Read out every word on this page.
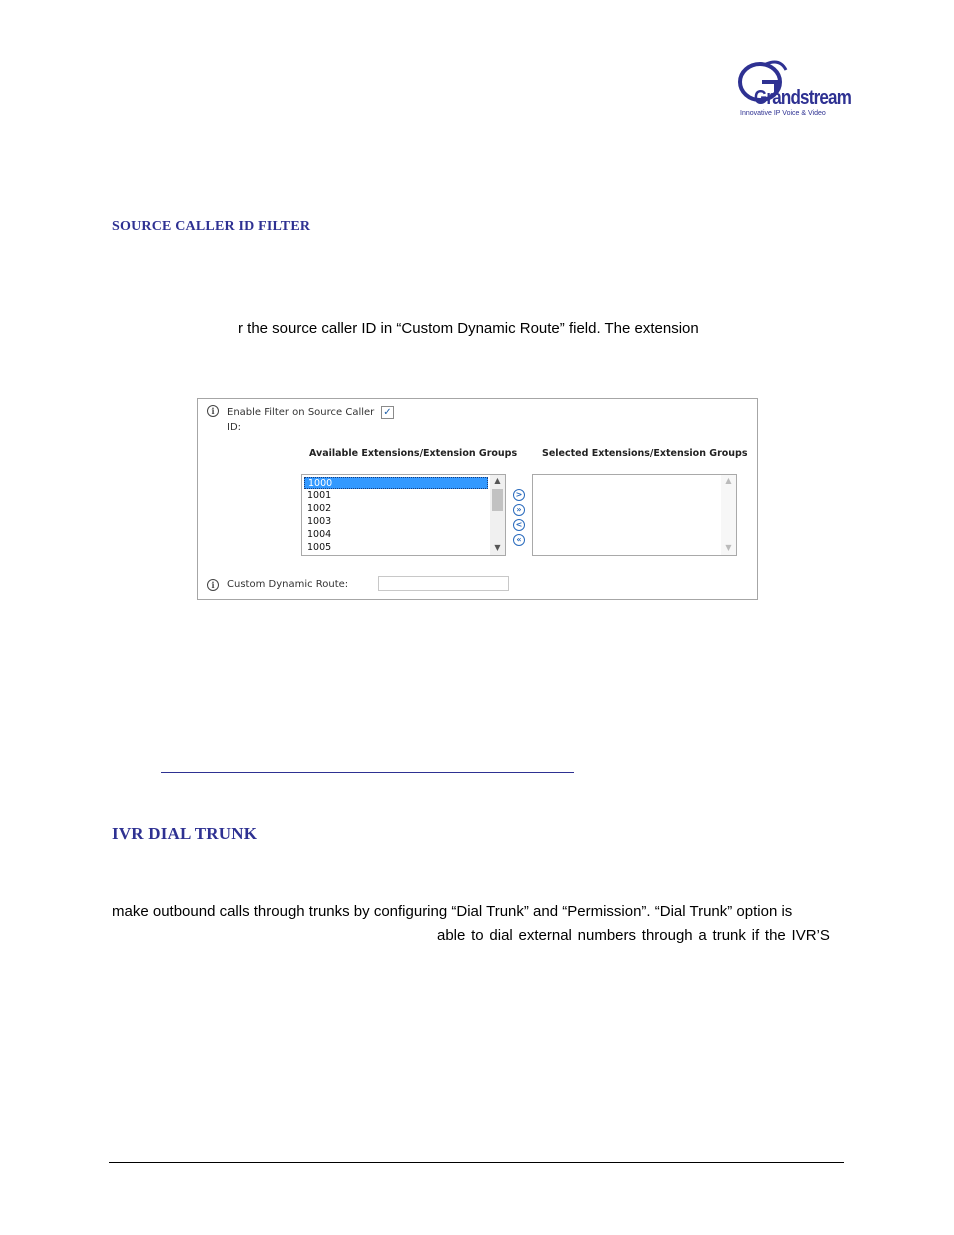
Grandstream
Innovative IP Voice & Video
SOURCE CALLER ID FILTER
r the source caller ID in “Custom Dynamic Route” field. The extension
i	Enable Filter on Source Caller
ID:
✓
Available Extensions/Extension Groups	Selected Extensions/Extension Groups
1000
1001
1002
1003
1004
1005
▲
▼
>
»
<
«
▲
▼
i	Custom Dynamic Route:
IVR DIAL TRUNK
make outbound calls through trunks by configuring “Dial Trunk” and “Permission”. “Dial Trunk” option is
able to dial external numbers through a trunk if the IVR’S
